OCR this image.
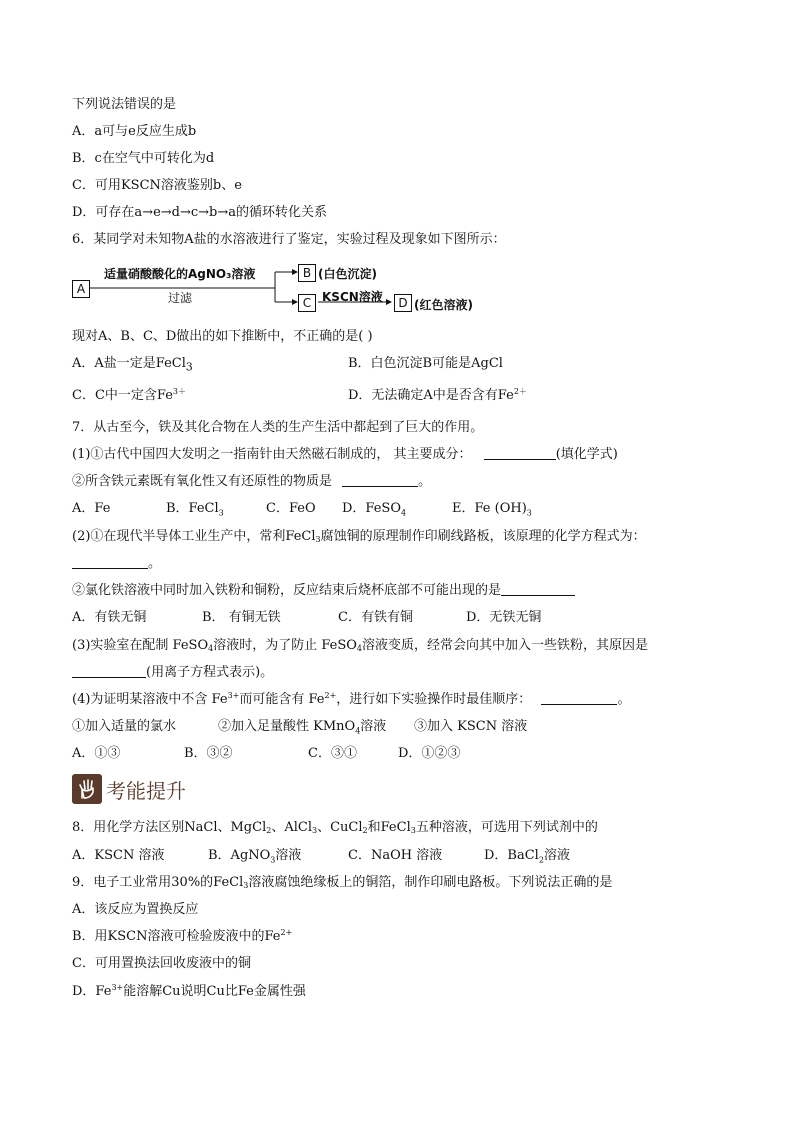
下列说法错误的是
A．a可与e反应生成b
B．c在空气中可转化为d
C．可用KSCN溶液鉴别b、e
D．可存在a→e→d→c→b→a的循环转化关系
6．某同学对未知物A盐的水溶液进行了鉴定，实验过程及现象如下图所示：
A
适量硝酸酸化的AgNO₃溶液
过滤
B (白色沉淀)
C KSCN溶液	D (红色溶液)
现对A、B、C、D做出的如下推断中，不正确的是( )
A．A盐一定是FeCl$_3$	B．白色沉淀B可能是AgCl
C．C中一定含$Fe^{3+}$	D．无法确定A中是否含有$Fe^{2+}$
7．从古至今，铁及其化合物在人类的生产生活中都起到了巨大的作用。
(1)①古代中国四大发明之一指南针由天然磁石制成的， 其主要成分：	(填化学式)
②所含铁元素既有氧化性又有还原性的物质是	。
A．Fe	B．FeCl$_3$	C．FeO D．FeSO$_4$	E．Fe $(OH)_3$
(2)①在现代半导体工业生产中，常利FeCl$_3$腐蚀铜的原理制作印刷线路板，该原理的化学方程式为：
。
②氯化铁溶液中同时加入铁粉和铜粉，反应结束后烧杯底部不可能出现的是
A．有铁无铜	B． 有铜无铁	C．有铁有铜	D．无铁无铜
(3)实验室在配制 FeSO$_4$溶液时，为了防止 FeSO$_4$溶液变质，经常会向其中加入一些铁粉，其原因是
(用离子方程式表示)。
(4)为证明某溶液中不含 $Fe^{3+}$而可能含有 $Fe^{2+}$，进行如下实验操作时最佳顺序：	。
①加入适量的氯水	②加入足量酸性 KMnO$_4$溶液 ③加入 KSCN 溶液
A．①③	B．③②	C．③①	D．①②③
考能提升
8．用化学方法区别NaCl、MgCl$_2$、AlCl$_3$、CuCl$_2$和FeCl$_3$五种溶液，可选用下列试剂中的
A．KSCN 溶液	B．AgNO$_3$溶液	C．NaOH 溶液	D．BaCl$_2$溶液
9．电子工业常用30%的FeCl$_3$溶液腐蚀绝缘板上的铜箔，制作印刷电路板。下列说法正确的是
A．该反应为置换反应
B．用KSCN溶液可检验废液中的$Fe^{2+}$
C．可用置换法回收废液中的铜
D．$Fe^{3+}$能溶解Cu说明Cu比Fe金属性强
